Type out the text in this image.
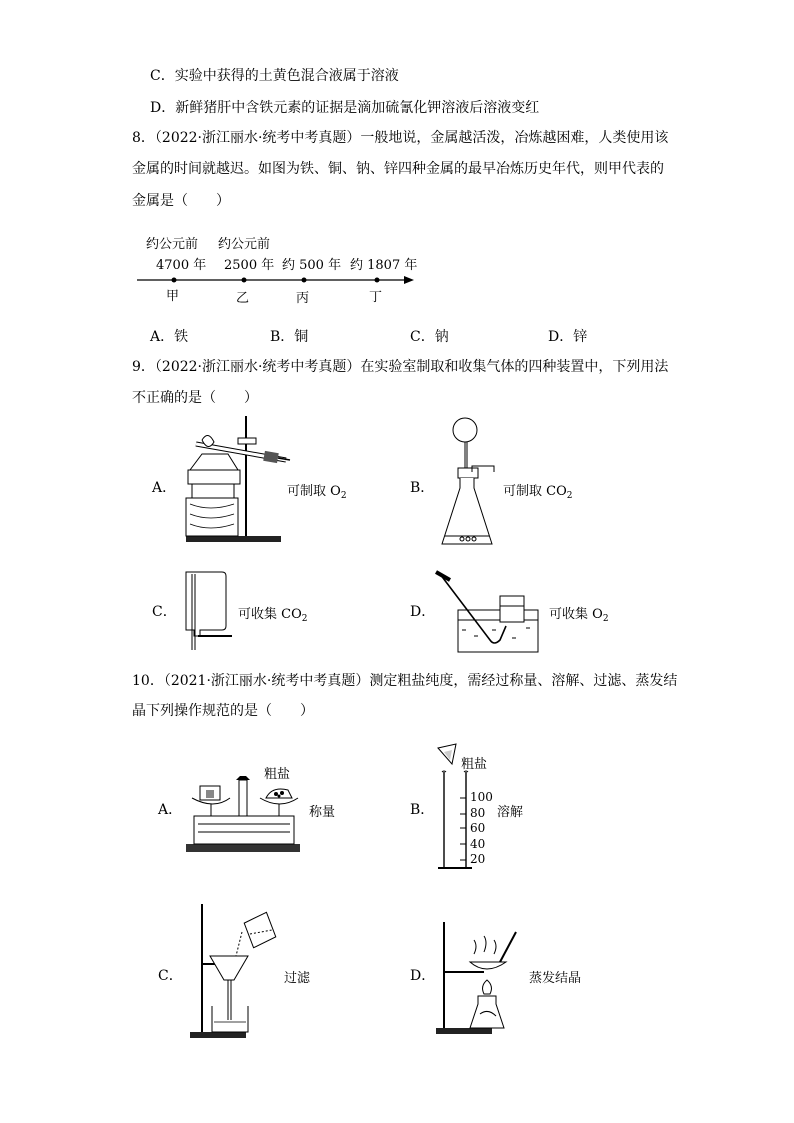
C．实验中获得的土黄色混合液属于溶液
D．新鲜猪肝中含铁元素的证据是滴加硫氰化钾溶液后溶液变红
8．（2022·浙江丽水·统考中考真题）一般地说，金属越活泼，冶炼越困难，人类使用该
金属的时间就越迟。如图为铁、铜、钠、锌四种金属的最早冶炼历史年代，则甲代表的
金属是（　　）
约公元前 约公元前
4700 年 2500 年 约 500 年 约 1807 年
甲	乙	丙	丁
A．铁	B．铜	C．钠	D．锌
9．（2022·浙江丽水·统考中考真题）在实验室制取和收集气体的四种装置中，下列用法
不正确的是（　　）
A．	可制取 $O_2$	B．	可制取 $CO_2$
C．	可收集 $CO_2$	D．	可收集 $O_2$
10．（2021·浙江丽水·统考中考真题）测定粗盐纯度，需经过称量、溶解、过滤、蒸发结
晶下列操作规范的是（　　）
A．
粗盐
称量	B．
粗盐
100
80
60
40
20
溶解
C．	过滤	D．	蒸发结晶
